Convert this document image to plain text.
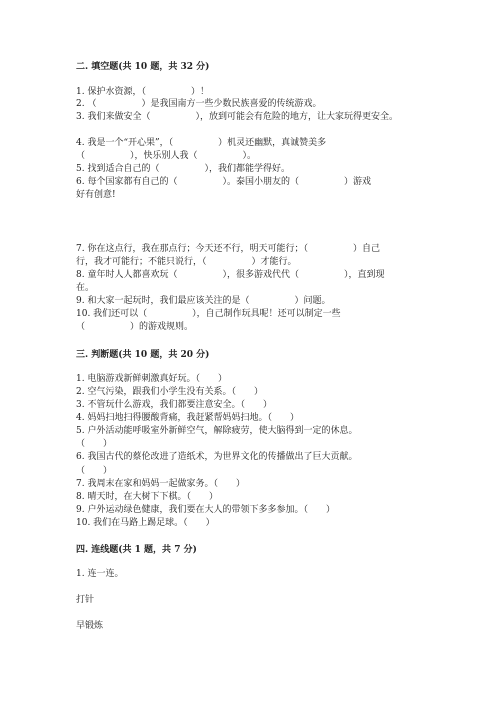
二. 填空题(共 10 题，共 32 分)
1. 保护水资源，（　　　　　）！
2. （　　　　　）是我国南方一些少数民族喜爱的传统游戏。
3. 我们来做安全（　　　　　），放到可能会有危险的地方，让大家玩得更安全。
4. 我是一个“开心果”，（　　　　　）机灵还幽默，真诚赞美多
（　　　　　），快乐别人我（　　　　　）。
5. 找到适合自己的（　　　　　），我们都能学得好。
6. 每个国家都有自己的（　　　　　）。泰国小朋友的（　　　　　）游戏
好有创意!
7. 你在这点行，我在那点行；今天还不行，明天可能行；（　　　　　）自己
行，我才可能行；不能只说行，（　　　　　）才能行。
8. 童年时人人都喜欢玩（　　　　　），很多游戏代代（　　　　　），直到现
在。
9. 和大家一起玩时，我们最应该关注的是（　　　　　）问题。
10. 我们还可以（　　　　　），自己制作玩具呢！还可以制定一些
（　　　　　）的游戏规则。
三. 判断题(共 10 题，共 20 分)
1. 电脑游戏新鲜刺激真好玩。（　　）
2. 空气污染，跟我们小学生没有关系。（　　）
3. 不管玩什么游戏，我们都要注意安全。（　　）
4. 妈妈扫地扫得腰酸背痛，我赶紧帮妈妈扫地。（　　）
5. 户外活动能呼吸室外新鲜空气，解除疲劳，使大脑得到一定的休息。
（　　）
6. 我国古代的蔡伦改进了造纸术，为世界文化的传播做出了巨大贡献。
（　　）
7. 我周末在家和妈妈一起做家务。（　　）
8. 晴天时，在大树下下棋。（　　）
9. 户外运动绿色健康，我们要在大人的带领下多多参加。（　　）
10. 我们在马路上踢足球。（　　）
四. 连线题(共 1 题，共 7 分)
1. 连一连。
打针
早锻炼
